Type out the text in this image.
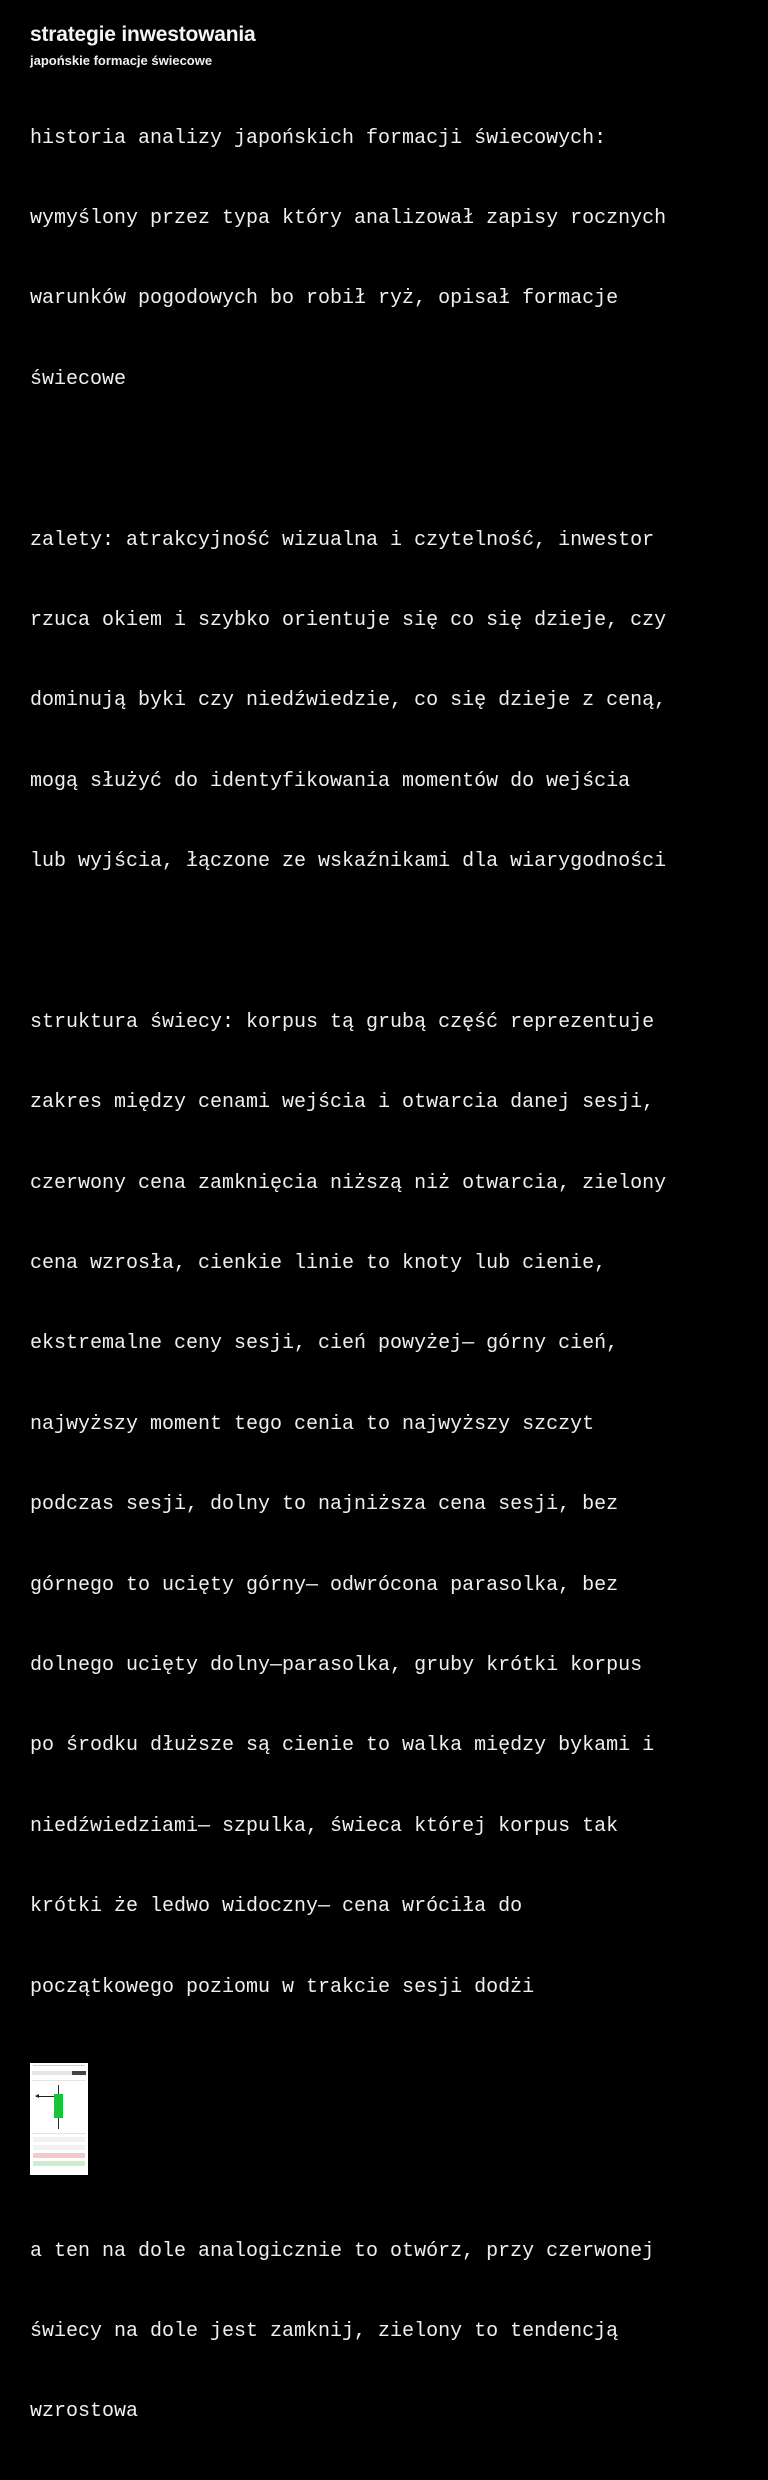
strategie inwestowania
japońskie formacje świecowe

historia analizy japońskich formacji świecowych:

wymyślony przez typa który analizował zapisy rocznych

warunków pogodowych bo robił ryż, opisał formacje

świecowe

zalety: atrakcyjność wizualna i czytelność, inwestor

rzuca okiem i szybko orientuje się co się dzieje, czy

dominują byki czy niedźwiedzie, co się dzieje z ceną,

mogą służyć do identyfikowania momentów do wejścia

lub wyjścia, łączone ze wskaźnikami dla wiarygodności

struktura świecy: korpus tą grubą część reprezentuje

zakres między cenami wejścia i otwarcia danej sesji,

czerwony cena zamknięcia niższą niż otwarcia, zielony

cena wzrosła, cienkie linie to knoty lub cienie,

ekstremalne ceny sesji, cień powyżej— górny cień,

najwyższy moment tego cenia to najwyższy szczyt

podczas sesji, dolny to najniższa cena sesji, bez

górnego to ucięty górny— odwrócona parasolka, bez

dolnego ucięty dolny—parasolka, gruby krótki korpus

po środku dłuższe są cienie to walka między bykami i

niedźwiedziami— szpulka, świeca której korpus tak

krótki że ledwo widoczny— cena wróciła do

początkowego poziomu w trakcie sesji dodżi

a ten na dole analogicznie to otwórz, przy czerwonej

świecy na dole jest zamknij, zielony to tendencją

wzrostowa
